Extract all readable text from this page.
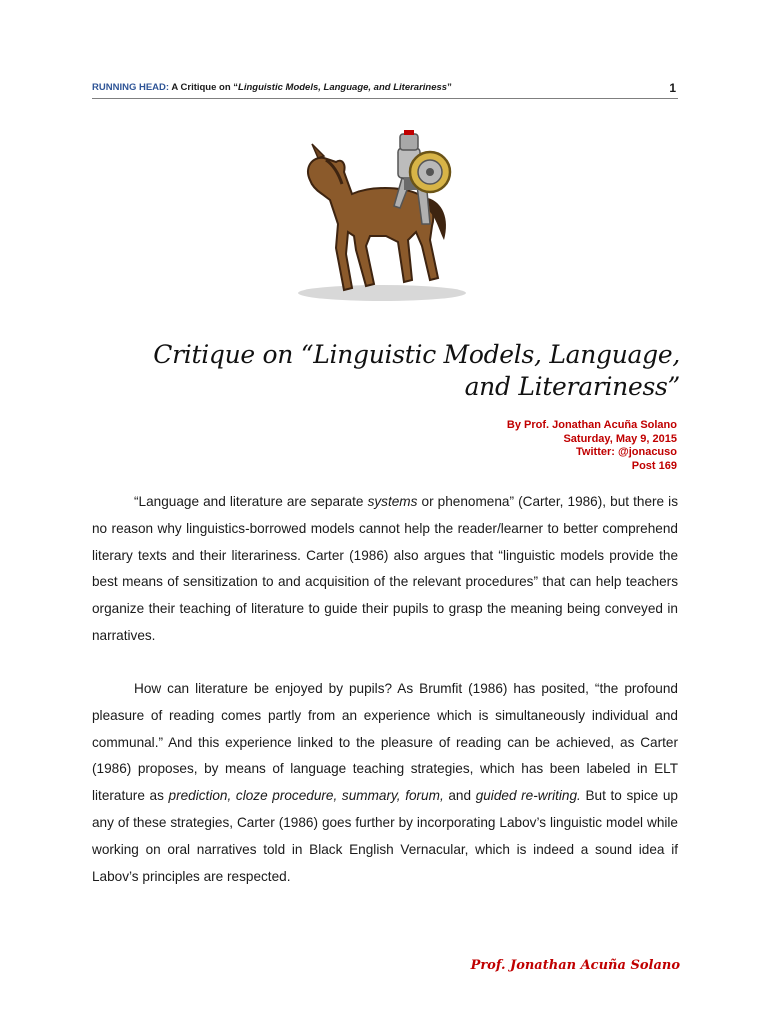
RUNNING HEAD: A Critique on “Linguistic Models, Language, and Literariness”	1
Critique on “Linguistic Models, Language,
and Literariness”
By Prof. Jonathan Acuña Solano
Saturday, May 9, 2015
Twitter: @jonacuso
Post 169
“Language and literature are separate systems or phenomena” (Carter, 1986), but there is no reason why linguistics-borrowed models cannot help the reader/learner to better comprehend literary texts and their literariness. Carter (1986) also argues that “linguistic models provide the best means of sensitization to and acquisition of the relevant procedures” that can help teachers organize their teaching of literature to guide their pupils to grasp the meaning being conveyed in narratives.
How can literature be enjoyed by pupils? As Brumfit (1986) has posited, “the profound pleasure of reading comes partly from an experience which is simultaneously individual and communal.” And this experience linked to the pleasure of reading can be achieved, as Carter (1986) proposes, by means of language teaching strategies, which has been labeled in ELT literature as prediction, cloze procedure, summary, forum, and guided re-writing. But to spice up any of these strategies, Carter (1986) goes further by incorporating Labov’s linguistic model while working on oral narratives told in Black English Vernacular, which is indeed a sound idea if Labov’s principles are respected.
Prof. Jonathan Acuña Solano
